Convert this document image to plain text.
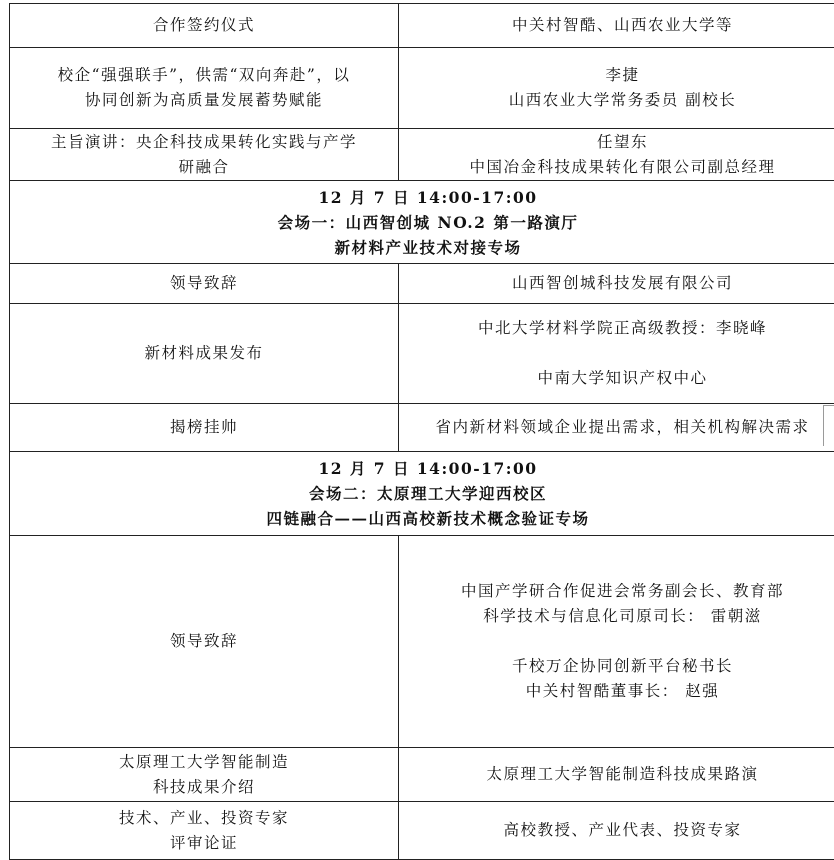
合作签约仪式	中关村智酷、山西农业大学等

校企“强强联手”，供需“双向奔赴”，以
协同创新为高质量发展蓄势赋能	李捷
山西农业大学常务委员 副校长

主旨演讲：央企科技成果转化实践与产学
研融合	任望东
中国冶金科技成果转化有限公司副总经理

12 月 7 日 14:00-17:00
会场一：山西智创城 NO.2 第一路演厅
新材料产业技术对接专场	

领导致辞	山西智创城科技发展有限公司

新材料成果发布	中北大学材料学院正高级教授：李晓峰
中南大学知识产权中心

揭榜挂帅	省内新材料领域企业提出需求，相关机构解决需求

12 月 7 日 14:00-17:00
会场二：太原理工大学迎西校区
四链融合——山西高校新技术概念验证专场	

领导致辞	中国产学研合作促进会常务副会长、教育部
科学技术与信息化司原司长： 雷朝滋
千校万企协同创新平台秘书长
中关村智酷董事长： 赵强

太原理工大学智能制造
科技成果介绍	太原理工大学智能制造科技成果路演

技术、产业、投资专家
评审论证	高校教授、产业代表、投资专家
